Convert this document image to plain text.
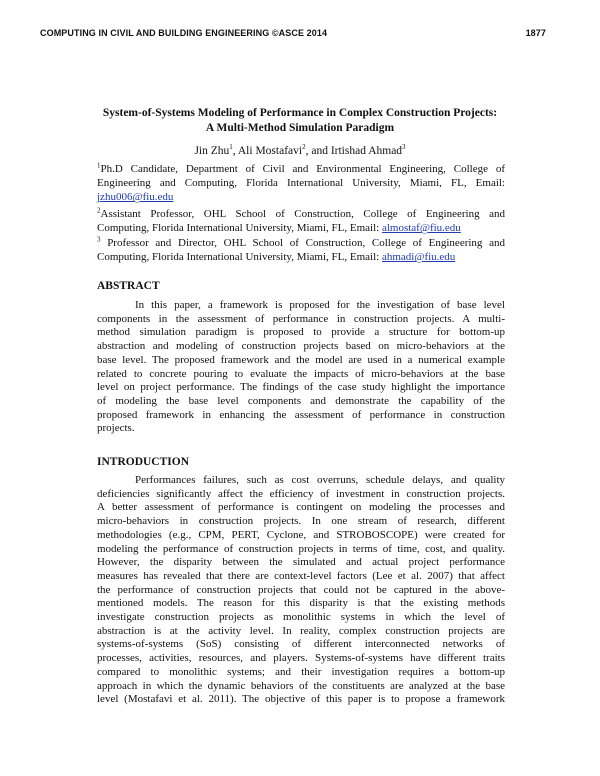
COMPUTING IN CIVIL AND BUILDING ENGINEERING ©ASCE 2014	1877
System-of-Systems Modeling of Performance in Complex Construction Projects:
A Multi-Method Simulation Paradigm
Jin Zhu$^1$, Ali Mostafavi$^2$, and Irtishad Ahmad$^3$
$^1$Ph.D Candidate, Department of Civil and Environmental Engineering, College of
Engineering and Computing, Florida International University, Miami, FL, Email:
jzhu006@fiu.edu
$^2$Assistant Professor, OHL School of Construction, College of Engineering and
Computing, Florida International University, Miami, FL, Email: almostaf@fiu.edu
$^3$ Professor and Director, OHL School of Construction, College of Engineering and
Computing, Florida International University, Miami, FL, Email: ahmadi@fiu.edu
ABSTRACT
In this paper, a framework is proposed for the investigation of base level
components in the assessment of performance in construction projects. A multi-
method simulation paradigm is proposed to provide a structure for bottom-up
abstraction and modeling of construction projects based on micro-behaviors at the
base level. The proposed framework and the model are used in a numerical example
related to concrete pouring to evaluate the impacts of micro-behaviors at the base
level on project performance. The findings of the case study highlight the importance
of modeling the base level components and demonstrate the capability of the
proposed framework in enhancing the assessment of performance in construction
projects.
INTRODUCTION
Performances failures, such as cost overruns, schedule delays, and quality
deficiencies significantly affect the efficiency of investment in construction projects.
A better assessment of performance is contingent on modeling the processes and
micro-behaviors in construction projects. In one stream of research, different
methodologies (e.g., CPM, PERT, Cyclone, and STROBOSCOPE) were created for
modeling the performance of construction projects in terms of time, cost, and quality.
However, the disparity between the simulated and actual project performance
measures has revealed that there are context-level factors (Lee et al. 2007) that affect
the performance of construction projects that could not be captured in the above-
mentioned models. The reason for this disparity is that the existing methods
investigate construction projects as monolithic systems in which the level of
abstraction is at the activity level. In reality, complex construction projects are
systems-of-systems (SoS) consisting of different interconnected networks of
processes, activities, resources, and players. Systems-of-systems have different traits
compared to monolithic systems; and their investigation requires a bottom-up
approach in which the dynamic behaviors of the constituents are analyzed at the base
level (Mostafavi et al. 2011). The objective of this paper is to propose a framework
